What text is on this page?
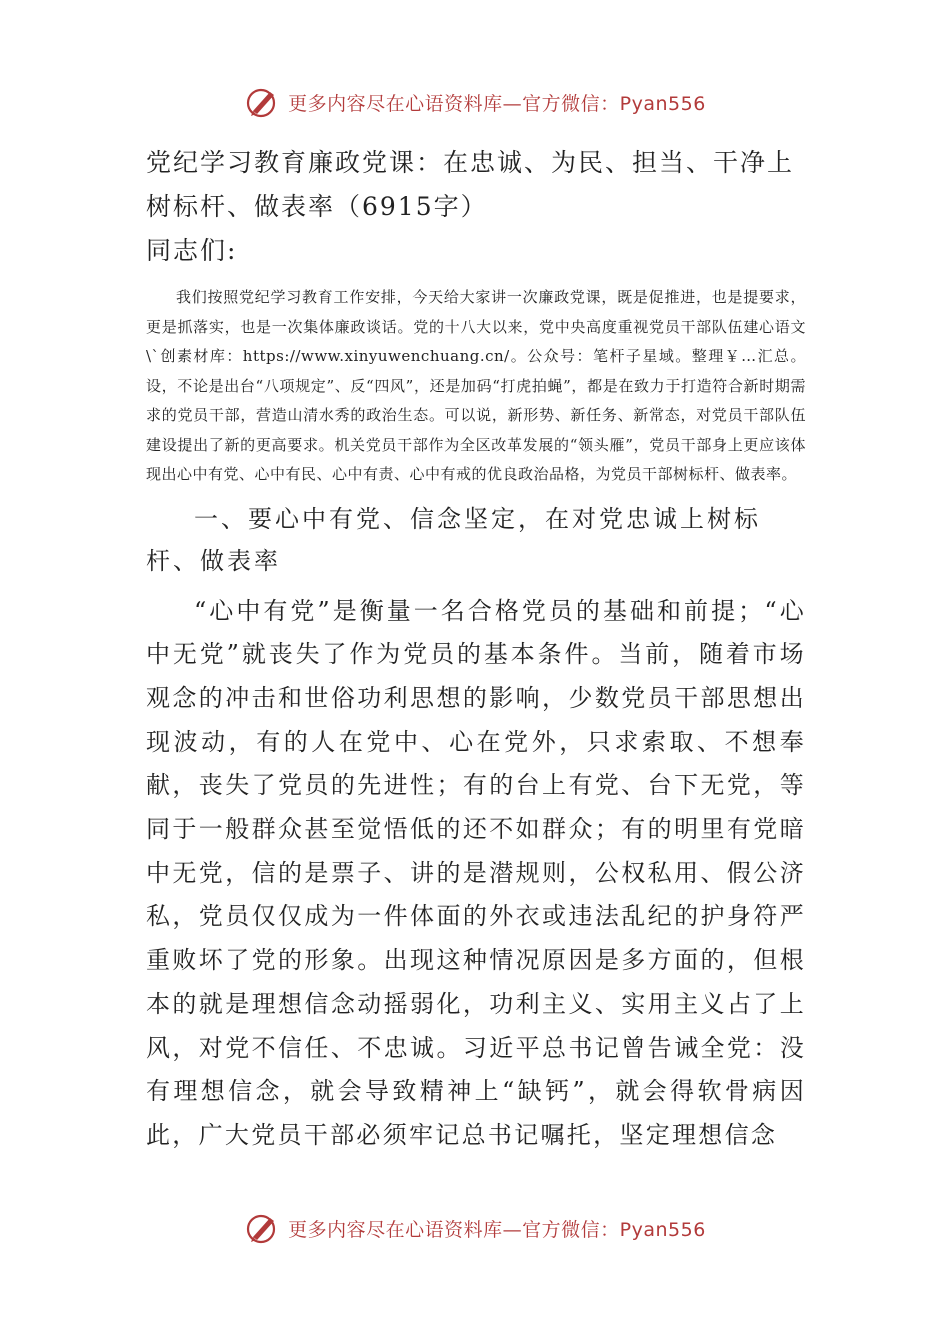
更多内容尽在心语资料库—官方微信：Pyan556
党纪学习教育廉政党课：在忠诚、为民、担当、干净上树标杆、做表率（6915字）

同志们:

我们按照党纪学习教育工作安排，今天给大家讲一次廉政党课，既是促推进，也是提要求，更是抓落实，也是一次集体廉政谈话。党的十八大以来，党中央高度重视党员干部队伍建心语文\`创素材库：https://www.xinyuwenchuang.cn/。公众号：笔杆子星域。整理￥…汇总。设，不论是出台“八项规定”、反“四风”，还是加码“打虎拍蝇”，都是在致力于打造符合新时期需求的党员干部，营造山清水秀的政治生态。可以说，新形势、新任务、新常态，对党员干部队伍建设提出了新的更高要求。机关党员干部作为全区改革发展的“领头雁”，党员干部身上更应该体现出心中有党、心中有民、心中有责、心中有戒的优良政治品格，为党员干部树标杆、做表率。

一、要心中有党、信念坚定，在对党忠诚上树标杆、做表率

“心中有党”是衡量一名合格党员的基础和前提；“心中无党”就丧失了作为党员的基本条件。当前，随着市场观念的冲击和世俗功利思想的影响，少数党员干部思想出现波动，有的人在党中、心在党外，只求索取、不想奉献，丧失了党员的先进性；有的台上有党、台下无党，等同于一般群众甚至觉悟低的还不如群众；有的明里有党暗中无党，信的是票子、讲的是潜规则，公权私用、假公济私，党员仅仅成为一件体面的外衣或违法乱纪的护身符严重败坏了党的形象。出现这种情况原因是多方面的，但根本的就是理想信念动摇弱化，功利主义、实用主义占了上风，对党不信任、不忠诚。习近平总书记曾告诫全党：没有理想信念，就会导致精神上“缺钙”，就会得软骨病因此，广大党员干部必须牢记总书记嘱托，坚定理想信念

更多内容尽在心语资料库—官方微信：Pyan556
